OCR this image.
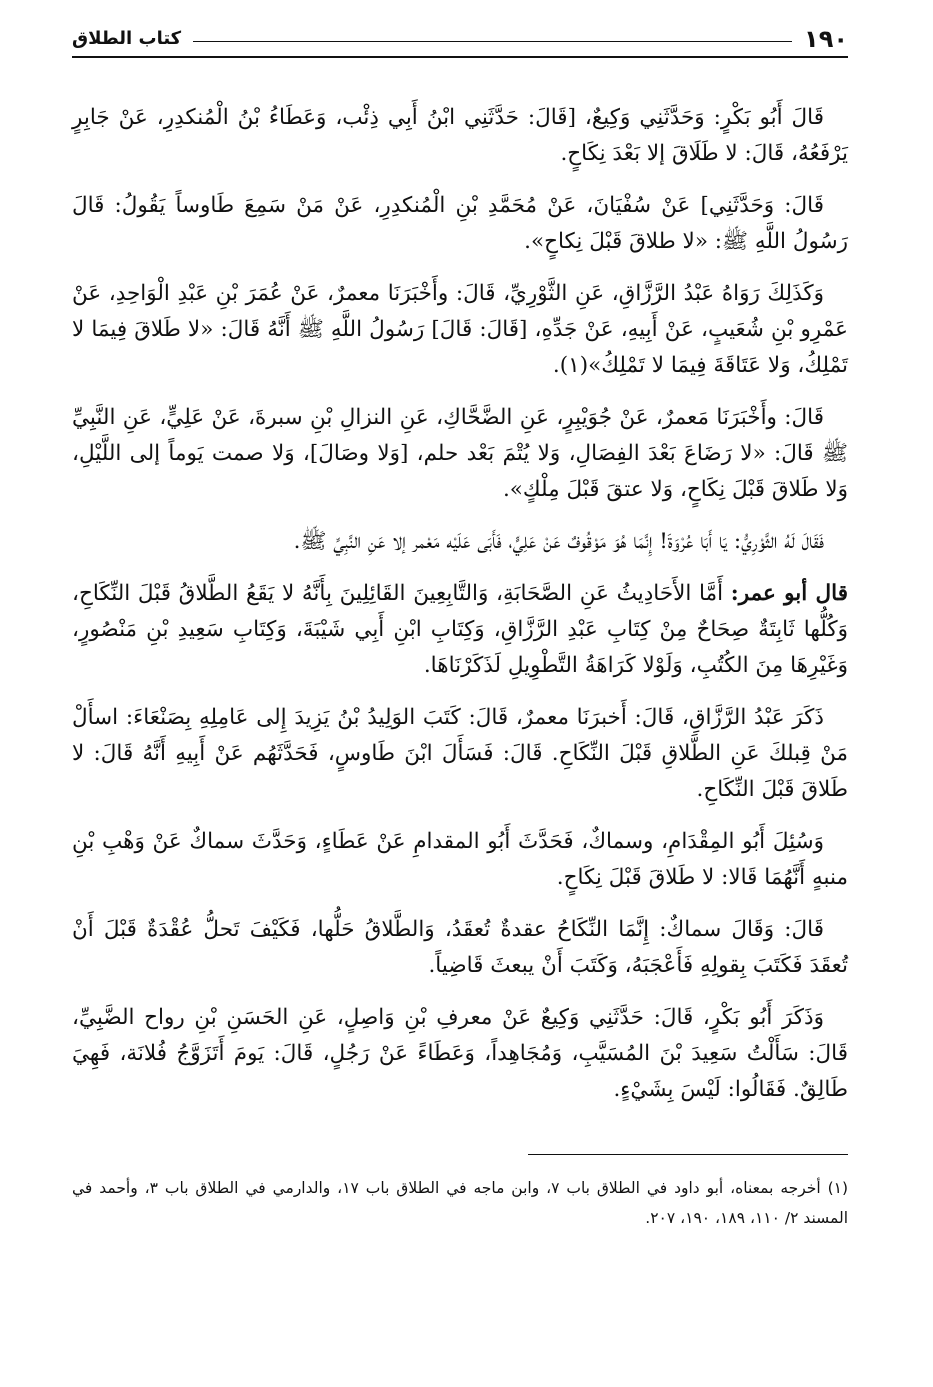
١٩٠
كتاب الطلاق

قَالَ أَبُو بَكْرٍ: وَحَدَّثَنِي وَكِيعٌ، [قَالَ: حَدَّثَنِي ابْنُ أَبِي ذِئْب، وَعَطَاءُ بْنُ الْمُنكدِرِ، عَنْ جَابِرٍ يَرْفَعُهُ، قَالَ: لا طَلَاقَ إلا بَعْدَ نِكَاحٍ.

قَالَ: وَحَدَّثَنِي] عَنْ سُفْيَانَ، عَنْ مُحَمَّدِ بْنِ الْمُنكدِرِ، عَنْ مَنْ سَمِعَ طَاوساً يَقُولُ: قَالَ رَسُولُ اللَّهِ ﷺ: «لا طلاقَ قَبْلَ نِكاحٍ».

وَكَذَلِكَ رَوَاهُ عَبْدُ الرَّزَّاقِ، عَنِ الثَّوْرِيِّ، قَالَ: وأَخْبَرَنَا معمرٌ، عَنْ عُمَرَ بْنِ عَبْدِ الْوَاحِدِ، عَنْ عَمْرِو بْنِ شُعَيبٍ، عَنْ أَبِيهِ، عَنْ جَدِّهِ، [قَالَ: قَالَ] رَسُولُ اللَّهِ ﷺ أَنَّهُ قَالَ: «لا طَلاقَ فِيمَا لا تَمْلِكُ، وَلا عَتَاقَةَ فِيمَا لا تَمْلِكُ»(١).

قَالَ: وأَخْبَرَنَا مَعمرٌ، عَنْ جُوَيْبِرٍ، عَنِ الضَّحَّاكِ، عَنِ النزالِ بْنِ سبرةَ، عَنْ عَلِيٍّ، عَنِ النَّبِيِّ ﷺ قَالَ: «لا رَضَاعَ بَعْدَ الفِصَالِ، وَلا يُتْمَ بَعْد حلم، [وَلا وصَالَ]، وَلا صمت يَوماً إلى اللَّيْلِ، وَلا طَلاقَ قَبْلَ نِكَاحٍ، وَلا عتقَ قَبْلَ مِلْكٍ».

فَقَالَ لَهُ الثَّوْرِيُّ: يَا أَبَا عُرْوَةَ! إِنَّمَا هُوَ مَوْقُوفٌ عَنْ عَلِيٍّ، فَأَبَى عَلَيْه مَعْمر إلا عَنِ النَّبِيِّ ﷺ.

قال أبو عمر: أَمَّا الأَحَادِيثُ عَنِ الصَّحَابَةِ، وَالتَّابِعِينَ القَائِلِينَ بِأَنَّهُ لا يَقَعُ الطَّلاقُ قَبْلَ النِّكَاحِ، وَكُلُّها ثَابِتَةٌ صِحَاحٌ مِنْ كِتَابِ عَبْدِ الرَّزَّاقِ، وَكِتَابِ ابْنِ أَبِي شَيْبَةَ، وَكِتَابِ سَعِيدِ بْنِ مَنْصُورٍ، وَغَيْرِهَا مِنَ الكُتُبِ، وَلَوْلا كَرَاهَةُ التَّطْوِيلِ لَذَكَرْنَاهَا.

ذَكَرَ عَبْدُ الرَّزَّاقِ، قَالَ: أَخبرَنَا معمرٌ، قَالَ: كَتَبَ الوَلِيدُ بْنُ يَزِيدَ إِلى عَامِلِهِ بِصَنْعَاءَ: اسأَلْ مَنْ قِبلكَ عَنِ الطَّلاقِ قَبْلَ النِّكَاحِ. قَالَ: فَسَأَلَ ابْنَ طَاوسٍ، فَحَدَّثَهُم عَنْ أَبِيهِ أَنَّهُ قَالَ: لا طَلاقَ قَبْلَ النِّكَاحِ.

وَسُئِلَ أَبُو المِقْدَامِ، وسماكٌ، فَحَدَّثَ أَبُو المقدامِ عَنْ عَطَاءٍ، وَحَدَّثَ سماكٌ عَنْ وَهْبِ بْنِ منبهٍ أَنَّهُمَا قَالا: لا طَلاقَ قَبْلَ نِكَاحٍ.

قَالَ: وَقَالَ سماكٌ: إِنَّمَا النِّكَاحُ عقدةٌ تُعقَدُ، وَالطَّلاقُ حَلُّها، فَكَيْفَ تَحلُّ عُقْدَةٌ قَبْلَ أَنْ تُعقَدَ فَكَتَبَ بِقولِهِ فَأَعْجَبَهُ، وَكَتَبَ أَنْ يبعثَ قَاضِياً.

وَذَكَرَ أَبُو بَكْرٍ، قَالَ: حَدَّثَنِي وَكِيعٌ عَنْ معرفِ بْنِ وَاصِلٍ، عَنِ الحَسَنِ بْنِ رواح الضَّبِيِّ، قَالَ: سَأَلْتُ سَعِيدَ بْنَ المُسَيَّبِ، وَمُجَاهِداً، وَعَطَاءً عَنْ رَجُلٍ، قَالَ: يَومَ أَتَزَوَّجُ فُلانَة، فَهِيَ طَالِقٌ. فَقَالُوا: لَيْسَ بِشَيْءٍ.

(١) أخرجه بمعناه، أبو داود في الطلاق باب ٧، وابن ماجه في الطلاق باب ١٧، والدارمي في الطلاق باب ٣، وأحمد في المسند ٢/ ١١٠، ١٨٩، ١٩٠، ٢٠٧.
